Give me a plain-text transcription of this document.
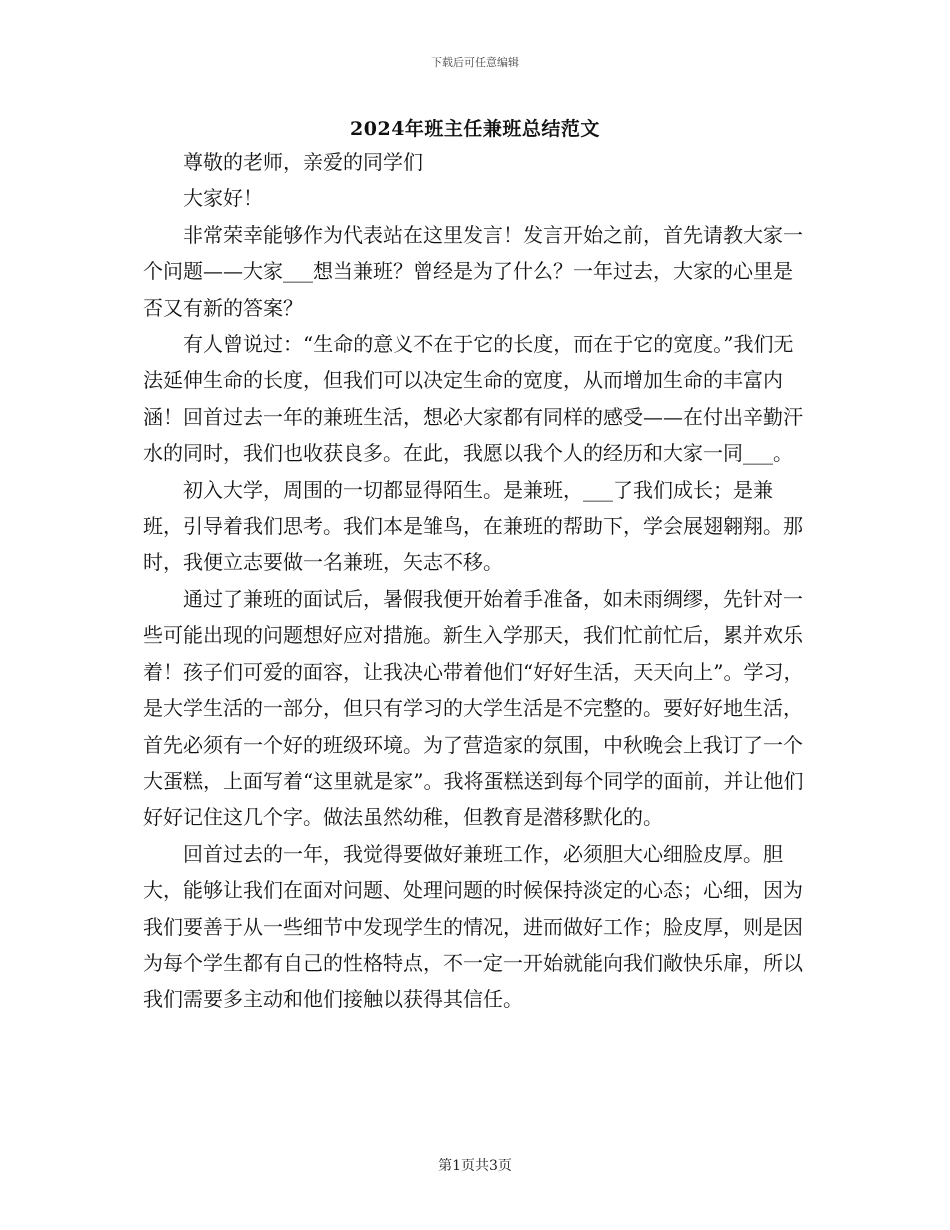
下载后可任意编辑
2024年班主任兼班总结范文

尊敬的老师，亲爱的同学们

大家好！

非常荣幸能够作为代表站在这里发言！发言开始之前，首先请教大家一个问题——大家___想当兼班？曾经是为了什么？一年过去，大家的心里是否又有新的答案？

有人曾说过：“生命的意义不在于它的长度，而在于它的宽度。”我们无法延伸生命的长度，但我们可以决定生命的宽度，从而增加生命的丰富内涵！回首过去一年的兼班生活，想必大家都有同样的感受——在付出辛勤汗水的同时，我们也收获良多。在此，我愿以我个人的经历和大家一同___。

初入大学，周围的一切都显得陌生。是兼班，___了我们成长；是兼班，引导着我们思考。我们本是雏鸟，在兼班的帮助下，学会展翅翱翔。那时，我便立志要做一名兼班，矢志不移。

通过了兼班的面试后，暑假我便开始着手准备，如未雨绸缪，先针对一些可能出现的问题想好应对措施。新生入学那天，我们忙前忙后，累并欢乐着！孩子们可爱的面容，让我决心带着他们“好好生活，天天向上”。学习，是大学生活的一部分，但只有学习的大学生活是不完整的。要好好地生活，首先必须有一个好的班级环境。为了营造家的氛围，中秋晚会上我订了一个大蛋糕，上面写着“这里就是家”。我将蛋糕送到每个同学的面前，并让他们好好记住这几个字。做法虽然幼稚，但教育是潜移默化的。

回首过去的一年，我觉得要做好兼班工作，必须胆大心细脸皮厚。胆大，能够让我们在面对问题、处理问题的时候保持淡定的心态；心细，因为我们要善于从一些细节中发现学生的情况，进而做好工作；脸皮厚，则是因为每个学生都有自己的性格特点，不一定一开始就能向我们敞快乐扉，所以我们需要多主动和他们接触以获得其信任。

第1页共3页
